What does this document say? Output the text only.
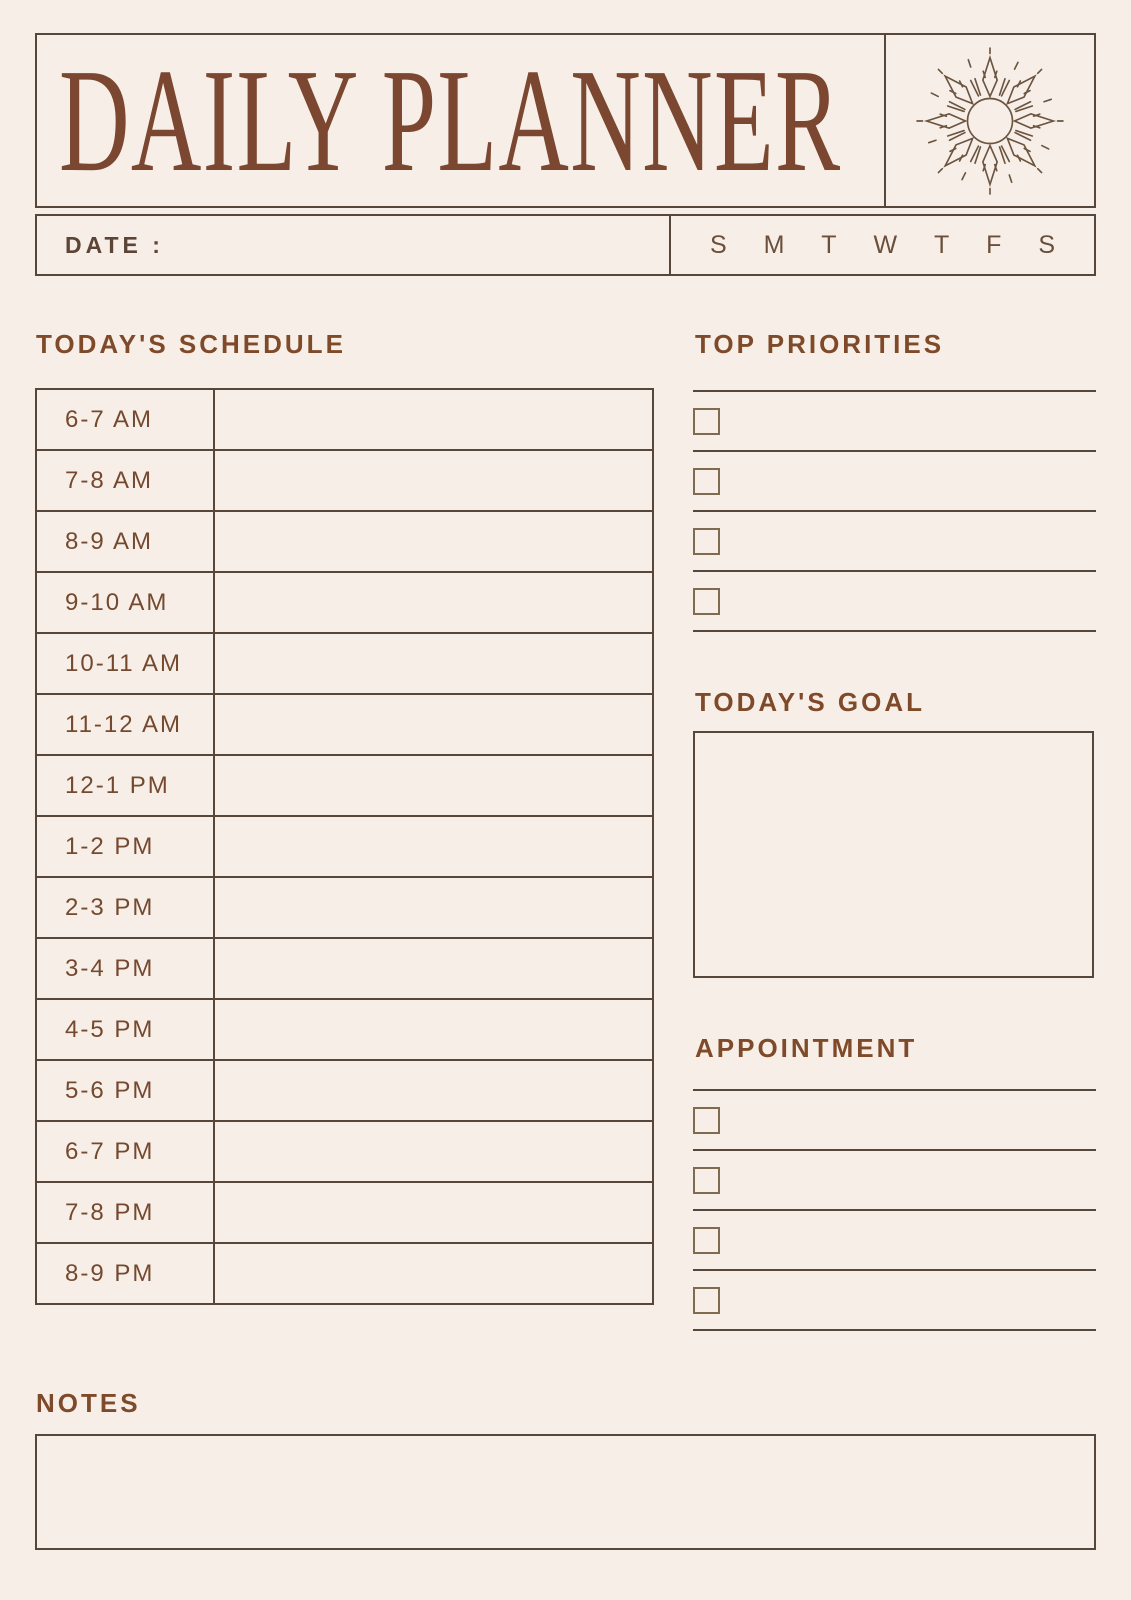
DAILY PLANNER
DATE :	S M T W T F S
TODAY'S SCHEDULE	TOP PRIORITIES
TODAY'S GOAL
APPOINTMENT
NOTES
6-7 AM
7-8 AM
8-9 AM
9-10 AM
10-11 AM
11-12 AM
12-1 PM
1-2 PM
2-3 PM
3-4 PM
4-5 PM
5-6 PM
6-7 PM
7-8 PM
8-9 PM
